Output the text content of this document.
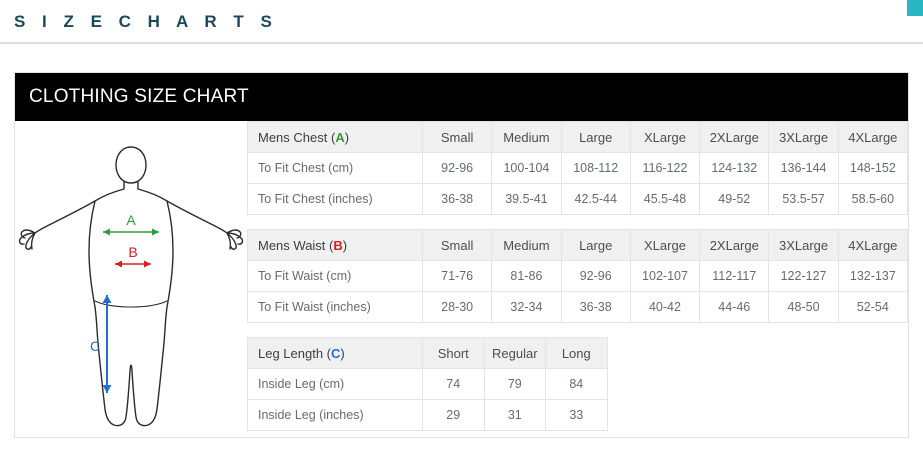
S I Z E C H A R T S
CLOTHING SIZE CHART
A
B
C
Mens Chest (A)	Small	Medium	Large	XLarge	2XLarge	3XLarge	4XLarge
To Fit Chest (cm)	92-96	100-104	108-112	116-122	124-132	136-144	148-152
To Fit Chest (inches)	36-38	39.5-41	42.5-44	45.5-48	49-52	53.5-57	58.5-60
Mens Waist (B)	Small	Medium	Large	XLarge	2XLarge	3XLarge	4XLarge
To Fit Waist (cm)	71-76	81-86	92-96	102-107	112-117	122-127	132-137
To Fit Waist (inches)	28-30	32-34	36-38	40-42	44-46	48-50	52-54
Leg Length (C)	Short	Regular	Long
Inside Leg (cm)	74	79	84
Inside Leg (inches)	29	31	33
